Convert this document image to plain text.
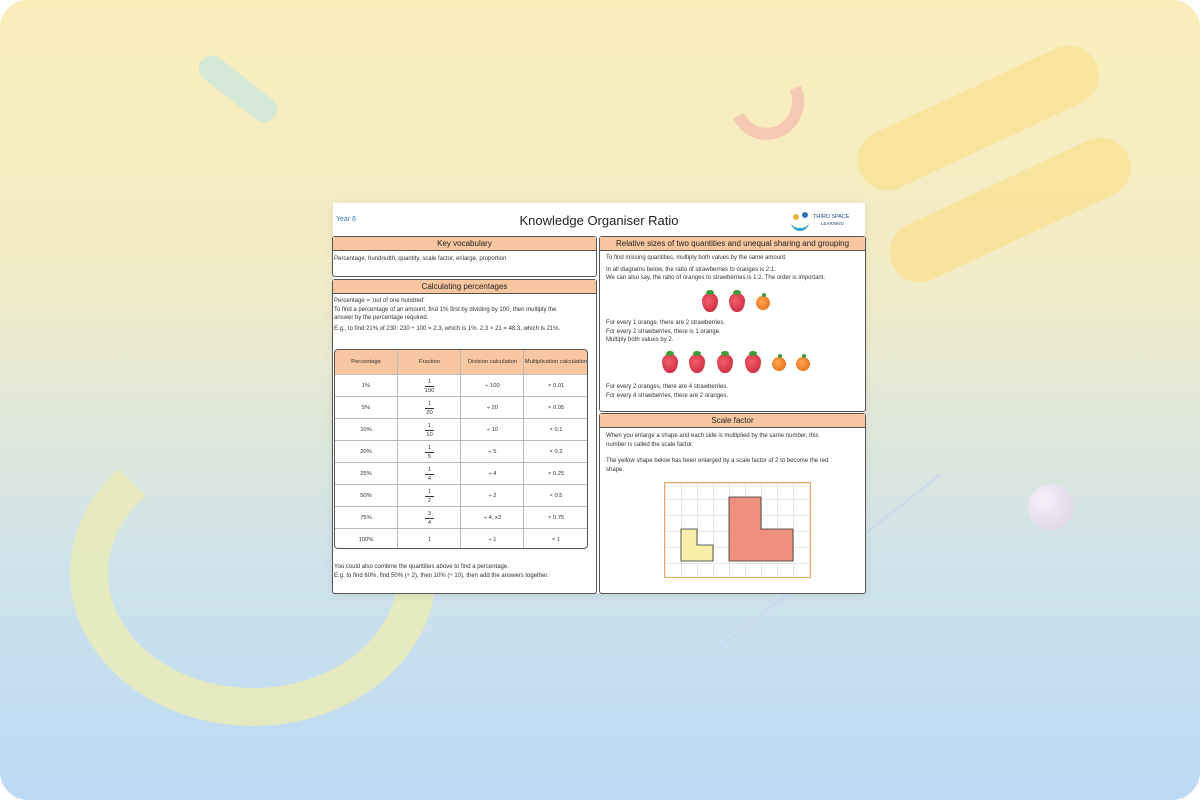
Year 6	Knowledge Organiser Ratio	THIRD SPACE
LEARNING
Key vocabulary
Percentage, hundredth, quantity, scale factor, enlarge, proportion
Calculating percentages
Percentage = ‘out of one hundred’
To find a percentage of an amount, find 1% first by dividing by 100, then multiply the
answer by the percentage required.
E.g., to find 21% of 230: 230 ÷ 100 = 2.3, which is 1%. 2.3 × 21 = 48.3, which is 21%.
Percentage	Fraction	Division calculation	Multiplication calculation
1%	$\frac{1}{100}$	÷ 100	× 0.01
5%	$\frac{1}{20}$	÷ 20	× 0.05
10%	$\frac{1}{10}$	÷ 10	× 0.1
20%	$\frac{1}{5}$	÷ 5	× 0.2
25%	$\frac{1}{4}$	÷ 4	× 0.25
50%	$\frac{1}{2}$	÷ 2	× 0.5
75%	$\frac{3}{4}$	÷ 4, x3	× 0.75
100%	1	÷ 1	× 1
You could also combine the quantities above to find a percentage.
E.g. to find 60%, find 50% (÷ 2), then 10% (÷ 10), then add the answers together.
Relative sizes of two quantities and unequal sharing and grouping
To find missing quantities, multiply both values by the same amount.
In all diagrams below, the ratio of strawberries to oranges is 2:1.
We can also say, the ratio of oranges to strawberries is 1:2. The order is important.
For every 1 orange, there are 2 strawberries.
For every 2 strawberries, there is 1 orange.
Multiply both values by 2.
For every 2 oranges, there are 4 strawberries.
For every 4 strawberries, there are 2 oranges.
Scale factor
When you enlarge a shape and each side is multiplied by the same number, this
number is called the scale factor.
The yellow shape below has been enlarged by a scale factor of 2 to become the red
shape.
